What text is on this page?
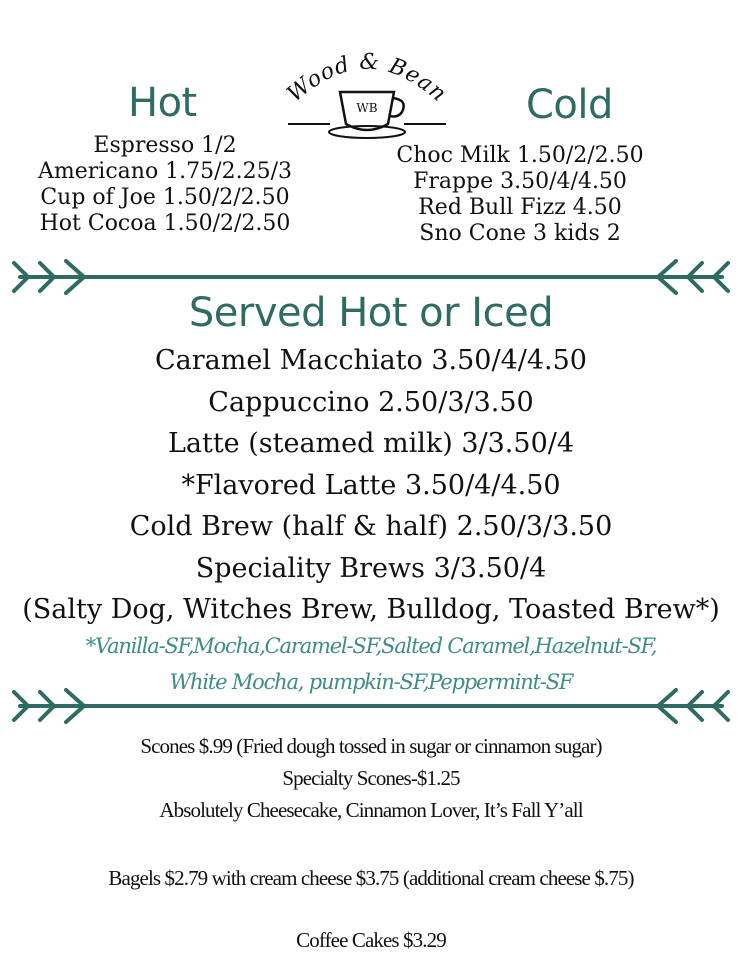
Wood & Bean
WB
Hot	Cold
Espresso 1/2
Americano 1.75/2.25/3
Cup of Joe 1.50/2/2.50
Hot Cocoa 1.50/2/2.50
Choc Milk 1.50/2/2.50
Frappe 3.50/4/4.50
Red Bull Fizz 4.50
Sno Cone 3 kids 2
Served Hot or Iced
Caramel Macchiato 3.50/4/4.50
Cappuccino 2.50/3/3.50
Latte (steamed milk) 3/3.50/4
*Flavored Latte 3.50/4/4.50
Cold Brew (half & half) 2.50/3/3.50
Speciality Brews 3/3.50/4
(Salty Dog, Witches Brew, Bulldog, Toasted Brew*)
*Vanilla-SF,Mocha,Caramel-SF,Salted Caramel,Hazelnut-SF,
White Mocha, pumpkin-SF,Peppermint-SF
Scones $.99 (Fried dough tossed in sugar or cinnamon sugar)
Specialty Scones-$1.25
Absolutely Cheesecake, Cinnamon Lover, It’s Fall Y’all
Bagels $2.79 with cream cheese $3.75 (additional cream cheese $.75)
Coffee Cakes $3.29
